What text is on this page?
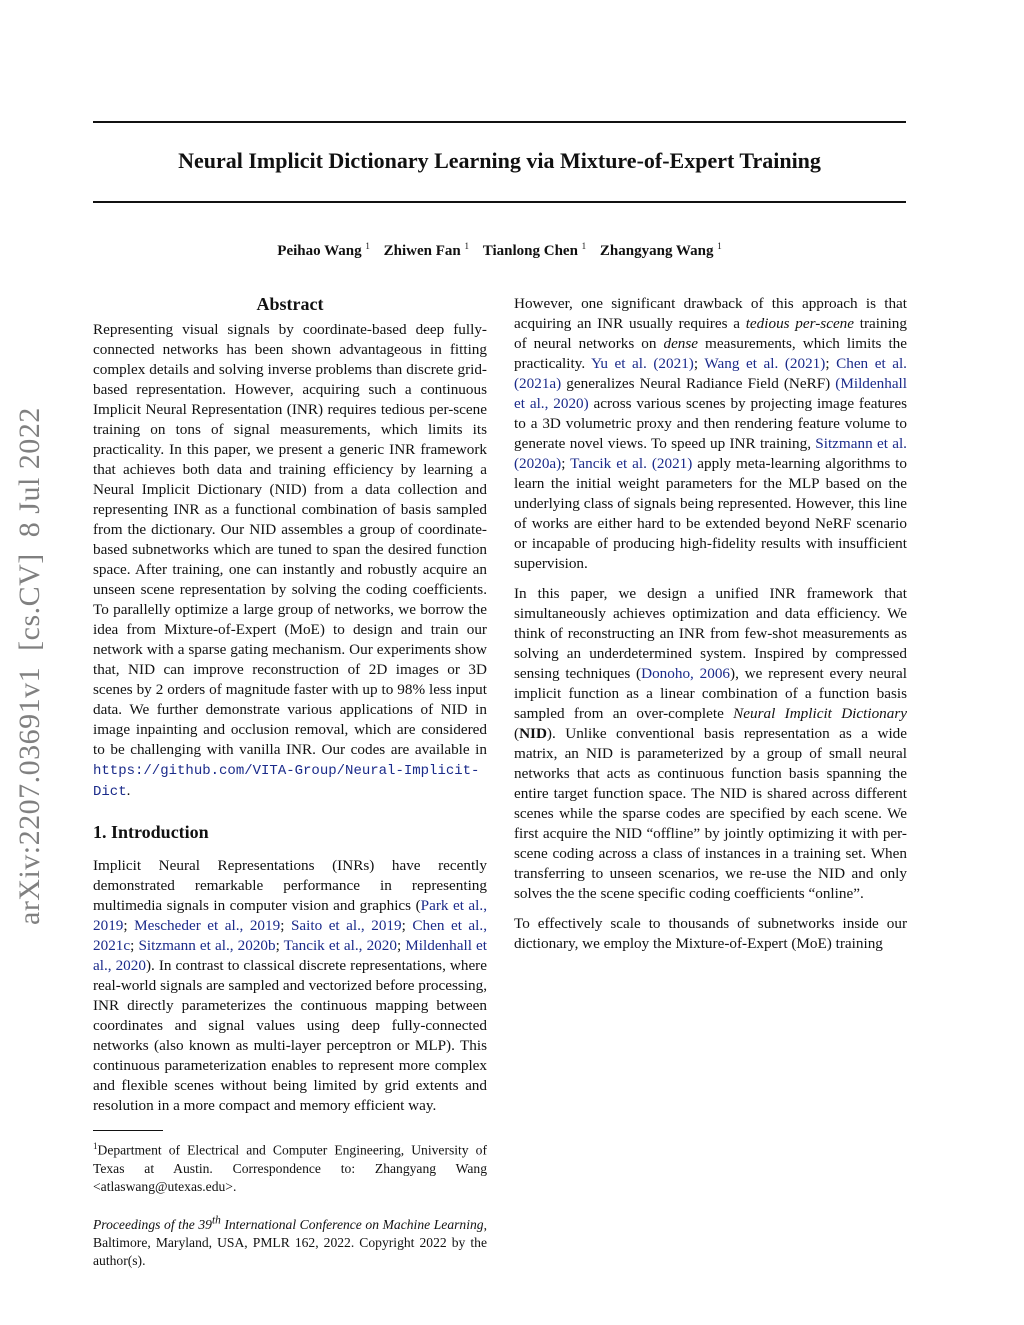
Neural Implicit Dictionary Learning via Mixture-of-Expert Training
Peihao Wang $^1$ Zhiwen Fan $^1$ Tianlong Chen $^1$ Zhangyang Wang $^1$
arXiv:2207.03691v1  [cs.CV]  8 Jul 2022
Abstract

Representing visual signals by coordinate-based deep fully-connected networks has been shown advantageous in fitting complex details and solving inverse problems than discrete grid-based representation. However, acquiring such a continuous Implicit Neural Representation (INR) requires tedious per-scene training on tons of signal measurements, which limits its practicality. In this paper, we present a generic INR framework that achieves both data and training efficiency by learning a Neural Implicit Dictionary (NID) from a data collection and representing INR as a functional combination of basis sampled from the dictionary. Our NID assembles a group of coordinate-based subnetworks which are tuned to span the desired function space. After training, one can instantly and robustly acquire an unseen scene representation by solving the coding coefficients. To parallelly optimize a large group of networks, we borrow the idea from Mixture-of-Expert (MoE) to design and train our network with a sparse gating mechanism. Our experiments show that, NID can improve reconstruction of 2D images or 3D scenes by 2 orders of magnitude faster with up to 98% less input data. We further demonstrate various applications of NID in image inpainting and occlusion removal, which are considered to be challenging with vanilla INR. Our codes are available in https://github.com/VITA-Group/Neural-Implicit-Dict.

1. Introduction

Implicit Neural Representations (INRs) have recently demonstrated remarkable performance in representing multimedia signals in computer vision and graphics (Park et al., 2019; Mescheder et al., 2019; Saito et al., 2019; Chen et al., 2021c; Sitzmann et al., 2020b; Tancik et al., 2020; Mildenhall et al., 2020). In contrast to classical discrete representations, where real-world signals are sampled and vectorized before processing, INR directly parameterizes the continuous mapping between coordinates and signal values using deep fully-connected networks (also known as multi-layer perceptron or MLP). This continuous parameterization enables to represent more complex and flexible scenes without being limited by grid extents and resolution in a more compact and memory efficient way.

$^1$Department of Electrical and Computer Engineering, University of Texas at Austin. Correspondence to: Zhangyang Wang <atlaswang@utexas.edu>.

Proceedings of the 39th International Conference on Machine Learning, Baltimore, Maryland, USA, PMLR 162, 2022. Copyright 2022 by the author(s).

However, one significant drawback of this approach is that acquiring an INR usually requires a tedious per-scene training of neural networks on dense measurements, which limits the practicality. Yu et al. (2021); Wang et al. (2021); Chen et al. (2021a) generalizes Neural Radiance Field (NeRF) (Mildenhall et al., 2020) across various scenes by projecting image features to a 3D volumetric proxy and then rendering feature volume to generate novel views. To speed up INR training, Sitzmann et al. (2020a); Tancik et al. (2021) apply meta-learning algorithms to learn the initial weight parameters for the MLP based on the underlying class of signals being represented. However, this line of works are either hard to be extended beyond NeRF scenario or incapable of producing high-fidelity results with insufficient supervision.

In this paper, we design a unified INR framework that simultaneously achieves optimization and data efficiency. We think of reconstructing an INR from few-shot measurements as solving an underdetermined system. Inspired by compressed sensing techniques (Donoho, 2006), we represent every neural implicit function as a linear combination of a function basis sampled from an over-complete Neural Implicit Dictionary (NID). Unlike conventional basis representation as a wide matrix, an NID is parameterized by a group of small neural networks that acts as continuous function basis spanning the entire target function space. The NID is shared across different scenes while the sparse codes are specified by each scene. We first acquire the NID “offline” by jointly optimizing it with per-scene coding across a class of instances in a training set. When transferring to unseen scenarios, we re-use the NID and only solves the the scene specific coding coefficients “online”.

To effectively scale to thousands of subnetworks inside our dictionary, we employ the Mixture-of-Expert (MoE) training
